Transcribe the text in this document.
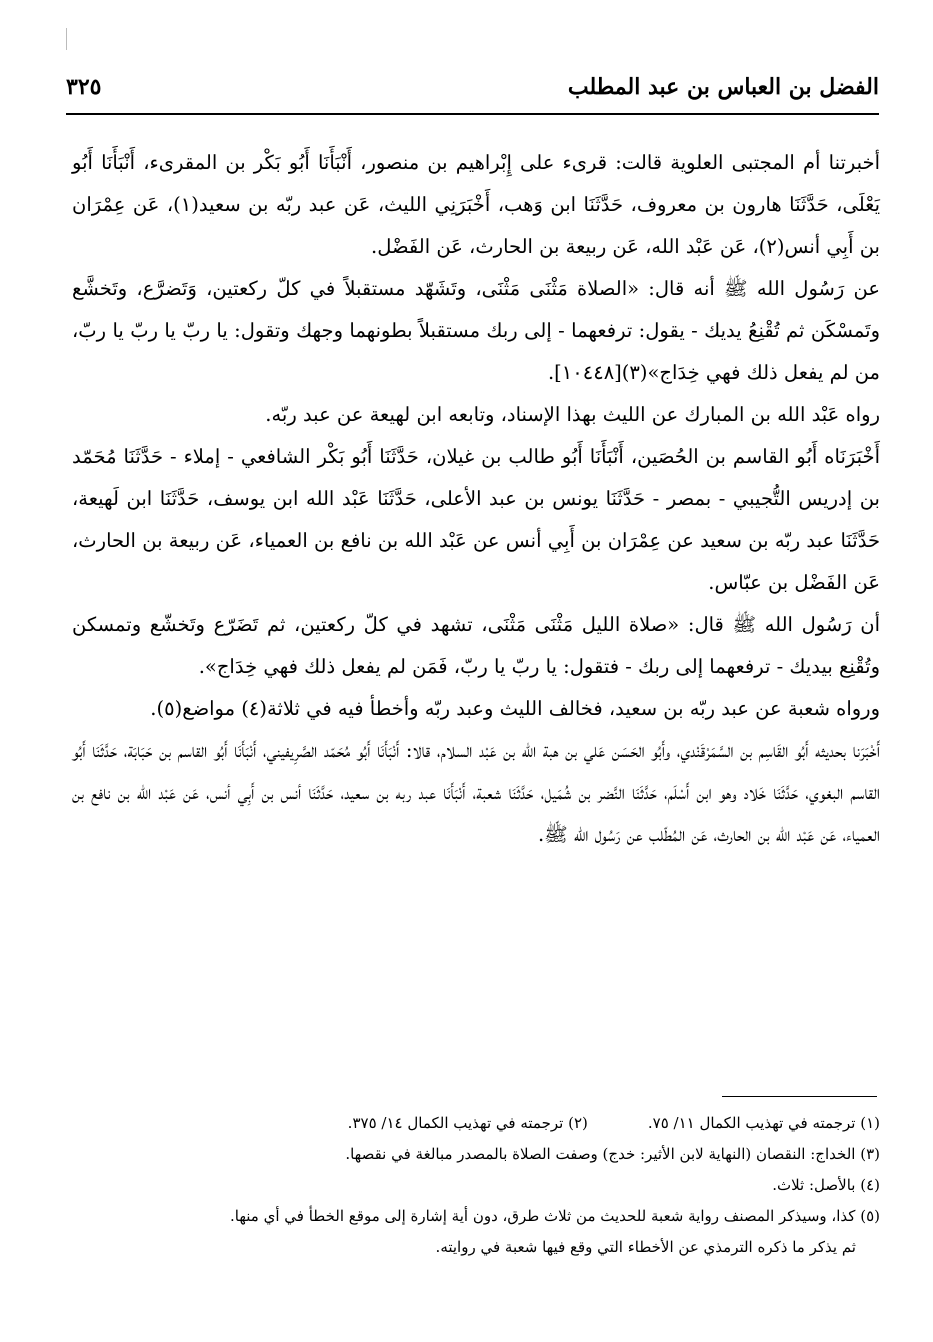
الفضل بن العباس بن عبد المطلب
٣٢٥

أخبرتنا أم المجتبى العلوية قالت: قرىء على إِبْراهيم بن منصور، أَنْبَأَنَا أَبُو بَكْر بن المقرىء، أَنْبَأَنَا أَبُو يَعْلَى، حَدَّثَنَا هارون بن معروف، حَدَّثَنَا ابن وَهب، أَخْبَرَنِي الليث، عَن عبد ربّه بن سعيد(١)، عَن عِمْرَان بن أَبِي أنس(٢)، عَن عَبْد الله، عَن ربيعة بن الحارث، عَن الفَضْل.

عن رَسُول الله ﷺ أنه قال: «الصلاة مَثْنَى مَثْنَى، وتَشَهّد مستقبلاً في كلّ ركعتين، وَتَضرَّع، وتَخشَّع وتَمسْكَن ثم تُقْنِعُ يديك - يقول: ترفعهما - إلى ربك مستقبلاً بطونهما وجهك وتقول: يا ربّ يا ربّ يا ربّ، من لم يفعل ذلك فهي خِدَاج»(٣)[١٠٤٤٨].

رواه عَبْد الله بن المبارك عن الليث بهذا الإسناد، وتابعه ابن لهيعة عن عبد ربّه.

أَخْبَرَنَاه أَبُو القاسم بن الحُصَين، أَنْبَأَنَا أَبُو طالب بن غيلان، حَدَّثَنَا أَبُو بَكْر الشافعي - إملاء - حَدَّثَنَا مُحَمّد بن إدريس التُّجيبي - بمصر - حَدَّثَنَا يونس بن عبد الأعلى، حَدَّثَنَا عَبْد الله ابن يوسف، حَدَّثَنَا ابن لَهيعة، حَدَّثَنَا عبد ربّه بن سعيد عن عِمْرَان بن أَبِي أنس عن عَبْد الله بن نافع بن العمياء، عَن ربيعة بن الحارث، عَن الفَضْل بن عبّاس.

أن رَسُول الله ﷺ قال: «صلاة الليل مَثْنَى مَثْنَى، تشهد في كلّ ركعتين، ثم تَضَرّع وتَخشّع وتمسكن وتُقْنِع بيديك - ترفعهما إلى ربك - فتقول: يا ربّ يا ربّ، فَمَن لم يفعل ذلك فهي خِدَاج».

ورواه شعبة عن عبد ربّه بن سعيد، فخالف الليث وعبد ربّه وأخطأ فيه في ثلاثة(٤) مواضع(٥).

أَخْبَرَنا بحديثه أَبُو القَاسِم بن السَّمَرْقَنْدي، وأَبُو الحَسَن عَلي بن هبة الله بن عَبْد السلام، قالا: أَنْبَأَنَا أَبُو مُحَمّد الصَّرِيفيني، أَنْبَأَنَا أَبُو القاسم بن حَبَابَة، حَدَّثَنَا أَبُو القاسم البغوي، حَدَّثَنَا خَلاد وهو ابن أَسْلَم، حَدَّثَنَا النَّضر بن شُمَيل، حَدَّثَنَا شعبة، أَنْبَأَنَا عبد ربه بن سعيد، حَدَّثَنَا أنس بن أَبِي أنس، عَن عَبْد الله بن نافع بن العمياء، عَن عَبْد الله بن الحارث، عَن المُطّلب عن رَسُول الله ﷺ.

(١) ترجمته في تهذيب الكمال ١١/ ٧٥.
(٢) ترجمته في تهذيب الكمال ١٤/ ٣٧٥.
(٣) الخداج: النقصان (النهاية لابن الأثير: خدج) وصفت الصلاة بالمصدر مبالغة في نقصها.
(٤) بالأصل: ثلاث.
(٥) كذا، وسيذكر المصنف رواية شعبة للحديث من ثلاث طرق، دون أية إشارة إلى موقع الخطأ في أي منها.
ثم يذكر ما ذكره الترمذي عن الأخطاء التي وقع فيها شعبة في روايته.
